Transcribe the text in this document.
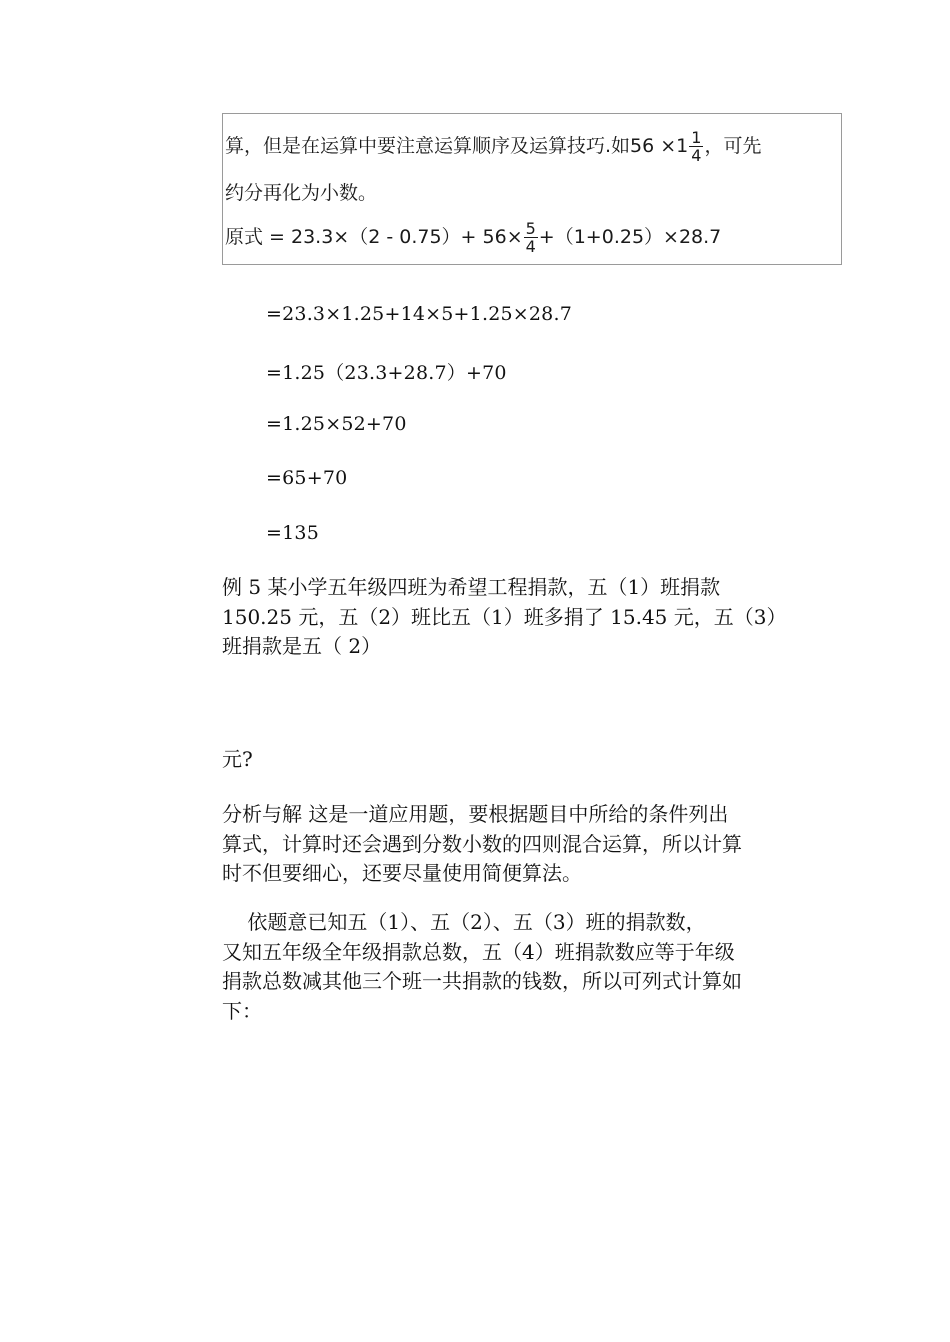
算，但是在运算中要注意运算顺序及运算技巧.如$56 \times 1 \frac{1}{4}$ ，可先
约分再化为小数。
原式 = $23.3\times(2 - 0.75)+ 56\times \frac{5}{4} +(1+0.25)\times 28.7$
=23.3×1.25+14×5+1.25×28.7
=1.25（23.3+28.7）+70
=1.25×52+70
=65+70
=135
例 5 某小学五年级四班为希望工程捐款，五（1）班捐款
150.25 元，五（2）班比五（1）班多捐了 15.45 元，五（3）
班捐款是五（ 2）
元?
分析与解 这是一道应用题，要根据题目中所给的条件列出
算式，计算时还会遇到分数小数的四则混合运算，所以计算
时不但要细心，还要尽量使用简便算法。
依题意已知五（1）、五（2）、五（3）班的捐款数，
又知五年级全年级捐款总数，五（4）班捐款数应等于年级
捐款总数减其他三个班一共捐款的钱数，所以可列式计算如
下：
